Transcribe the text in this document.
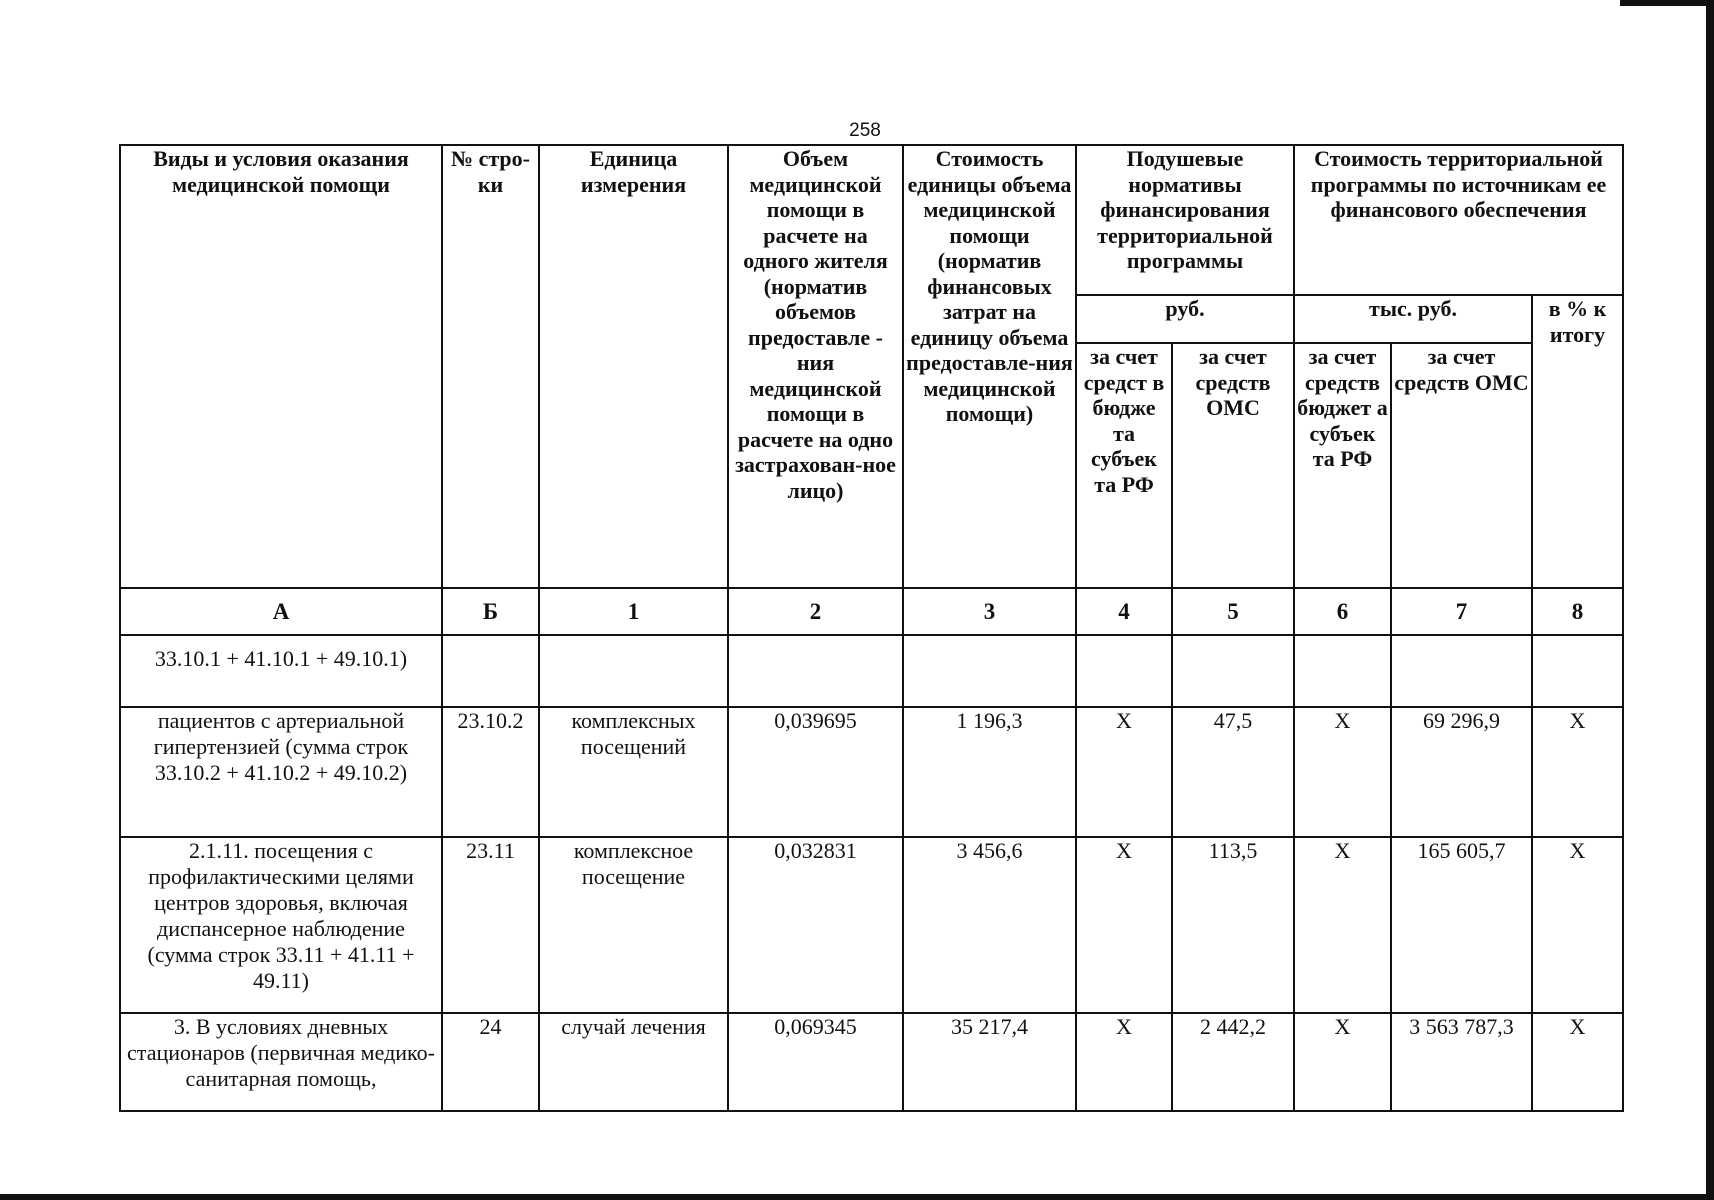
258
Виды и условия оказания медицинской помощи	№ стро-ки	Единица измерения	Объем медицинской помощи в расчете на одного жителя (норматив объемов предоставле - ния медицинской помощи в расчете на одно застрахован-ное лицо)	Стоимость единицы объема медицинской помощи (норматив финансовых затрат на единицу объема предоставле-ния медицинской помощи)	Подушевые нормативы финансирования территориальной программы		Стоимость территориальной программы по источникам ее финансового обеспечения		
					руб.		тыс. руб.		в % к итогу
					за счет средст в бюдже та субъек та РФ	за счет средств ОМС	за счет средств бюджет а субъек та РФ	за счет средств ОМС	
А	Б	1	2	3	4	5	6	7	8
33.10.1 + 41.10.1 + 49.10.1)									
пациентов с артериальной гипертензией (сумма строк 33.10.2 + 41.10.2 + 49.10.2)	23.10.2	комплексных посещений	0,039695	1 196,3	Х	47,5	Х	69 296,9	Х
2.1.11. посещения с профилактическими целями центров здоровья, включая диспансерное наблюдение (сумма строк 33.11 + 41.11 + 49.11)	23.11	комплексное посещение	0,032831	3 456,6	Х	113,5	Х	165 605,7	Х
3. В условиях дневных стационаров (первичная медико-санитарная помощь,	24	случай лечения	0,069345	35 217,4	Х	2 442,2	Х	3 563 787,3	Х
